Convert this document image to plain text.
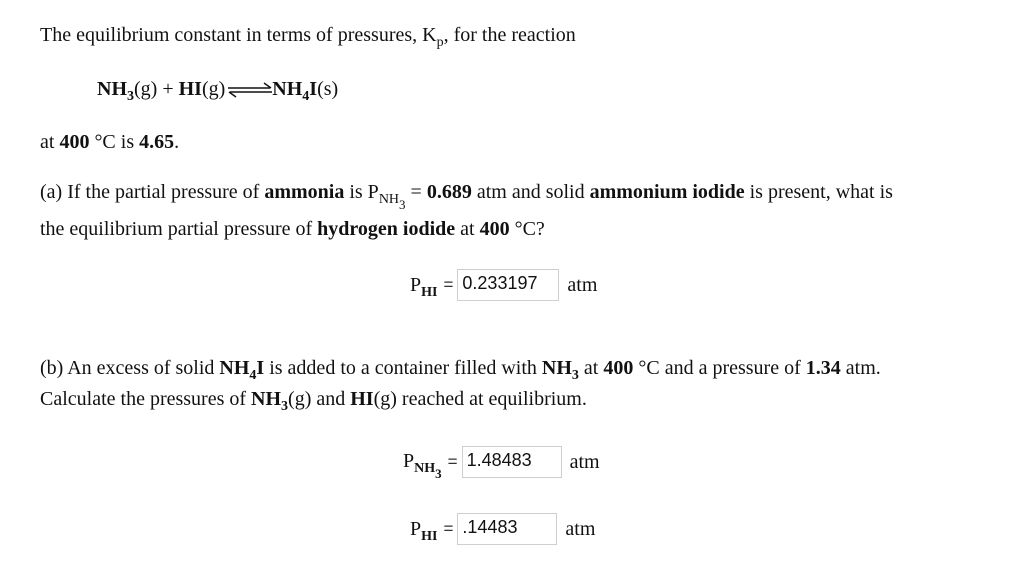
The equilibrium constant in terms of pressures, $K_p$, for the reaction
$NH_3(g)$ + $HI(g)\rightleftharpoons NH_4I(s)$
at 400 °C is 4.65.
(a) If the partial pressure of ammonia is $P_{NH3} = 0.689$ atm and solid ammonium iodide is present, what is
the equilibrium partial pressure of hydrogen iodide at 400 °C?
$P_{HI} = 0.233197$	atm
(b) An excess of solid $NH_4I$ is added to a container filled with $NH_3$ at 400 °C and a pressure of 1.34 atm.
Calculate the pressures of $NH_3(g)$ and HI(g) reached at equilibrium.
$P_{NH3}$
= 1.48483	atm
$P_{HI} = .14483$	atm
